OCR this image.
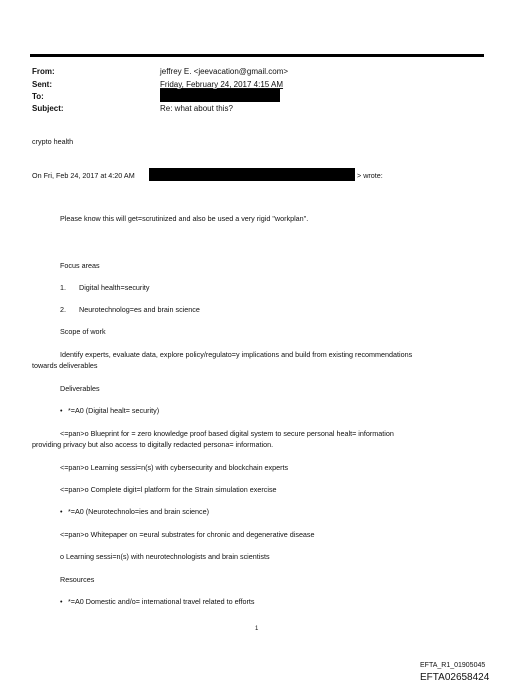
From:	jeffrey E. <jeevacation@gmail.com>
Sent:	Friday, February 24, 2017 4:15 AM
To:
Subject:	Re: what about this?
crypto health
On Fri, Feb 24, 2017 at 4:20 AM	> wrote:
Please know this will get=scrutinized and also be used a very rigid "workplan".
Focus areas
1. Digital health=security
2. Neurotechnolog=es and brain science
Scope of work
Identify experts, evaluate data, explore policy/regulato=y implications and build from existing recommendations
towards deliverables
Deliverables
• *=A0 (Digital healt= security)
<=pan>o Blueprint for = zero knowledge proof based digital system to secure personal healt= information
providing privacy but also access to digitally redacted persona= information.
<=pan>o Learning sessi=n(s) with cybersecurity and blockchain experts
<=pan>o Complete digit=l platform for the Strain simulation exercise
• *=A0 (Neurotechnolo=ies and brain science)
<=pan>o Whitepaper on =eural substrates for chronic and degenerative disease
o Learning sessi=n(s) with neurotechnologists and brain scientists
Resources
• *=A0 Domestic and/o= international travel related to efforts
1
EFTA_R1_01905045
EFTA02658424
